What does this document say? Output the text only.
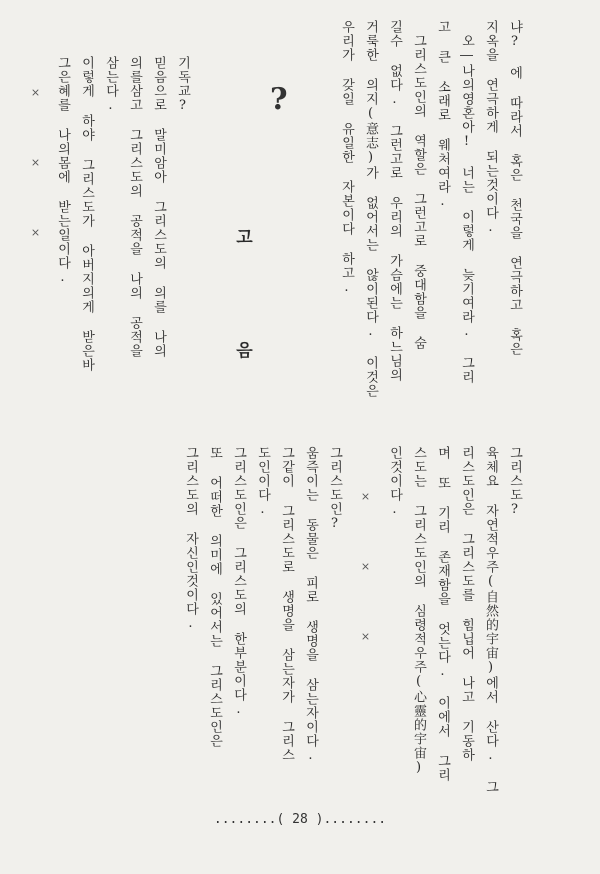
냐? 에 따라서 혹은 천국을 연극하고 혹은
지옥을 연극하게 되는것이다.
오―나의영혼아! 너는 이렇게 늦기여라. 그리
고 큰 소래로 웨처여라.
그리스도인의 역할은 그런고로 중대함을 숨
길수 없다. 그런고로 우리의 가슴에는 하느님의
거룩한 의지(意志)가 없어서는 않이된다. 이것은
우리가 갖일 유일한 자본이다 하고.
?
고 음
기독교?
믿음으로 말미암아 그리스도의 의를 나의
의를삼고 그리스도의 공적을 나의 공적을
삼는다.
이렇게 하야 그리스도가 아버지의게 받은바
그은혜를 나의몸에 받는일이다.
× × ×
그리스도?
육체요 자연적우주(自然的宇宙)에서 산다. 그
리스도인은 그리스도를 힘닙어 나고 기동하
며 또 기리 존재함을 엇는다. 이에서 그리
스도는 그리스도인의 심령적우주(心靈的宇宙)
인것이다.
× × ×
그리스도인?
움즉이는 동물은 피로 생명을 삼는자이다.
그같이 그리스도로 생명을 삼는자가 그리스
도인이다.
그리스도인은 그리스도의 한부분이다.
또 어떠한 의미에 있어서는 그리스도인은
그리스도의 자신인것이다.
........( 28 )........
